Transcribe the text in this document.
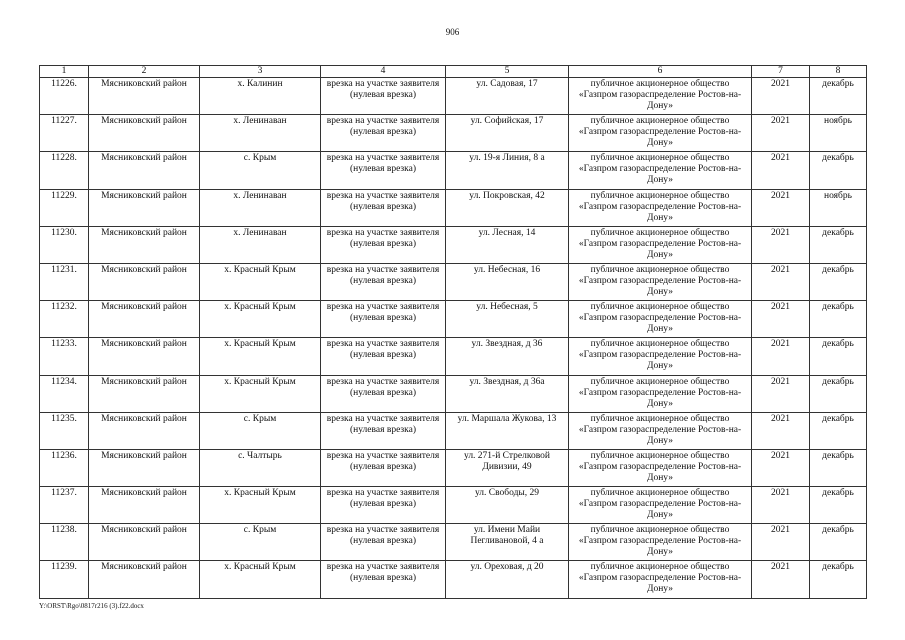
906
1	2	3	4	5	6	7	8
11226.	Мясниковский район	х. Калинин	врезка на участке заявителя (нулевая врезка)	ул. Садовая, 17	публичное акционерное общество «Газпром газораспределение Ростов-на-Дону»	2021	декабрь
11227.	Мясниковский район	х. Ленинаван	врезка на участке заявителя (нулевая врезка)	ул. Софийская, 17	публичное акционерное общество «Газпром газораспределение Ростов-на-Дону»	2021	ноябрь
11228.	Мясниковский район	с. Крым	врезка на участке заявителя (нулевая врезка)	ул. 19-я Линия, 8 а	публичное акционерное общество «Газпром газораспределение Ростов-на-Дону»	2021	декабрь
11229.	Мясниковский район	х. Ленинаван	врезка на участке заявителя (нулевая врезка)	ул. Покровская, 42	публичное акционерное общество «Газпром газораспределение Ростов-на-Дону»	2021	ноябрь
11230.	Мясниковский район	х. Ленинаван	врезка на участке заявителя (нулевая врезка)	ул. Лесная, 14	публичное акционерное общество «Газпром газораспределение Ростов-на-Дону»	2021	декабрь
11231.	Мясниковский район	х. Красный Крым	врезка на участке заявителя (нулевая врезка)	ул. Небесная, 16	публичное акционерное общество «Газпром газораспределение Ростов-на-Дону»	2021	декабрь
11232.	Мясниковский район	х. Красный Крым	врезка на участке заявителя (нулевая врезка)	ул. Небесная, 5	публичное акционерное общество «Газпром газораспределение Ростов-на-Дону»	2021	декабрь
11233.	Мясниковский район	х. Красный Крым	врезка на участке заявителя (нулевая врезка)	ул. Звездная, д 36	публичное акционерное общество «Газпром газораспределение Ростов-на-Дону»	2021	декабрь
11234.	Мясниковский район	х. Красный Крым	врезка на участке заявителя (нулевая врезка)	ул. Звездная, д 36а	публичное акционерное общество «Газпром газораспределение Ростов-на-Дону»	2021	декабрь
11235.	Мясниковский район	с. Крым	врезка на участке заявителя (нулевая врезка)	ул. Маршала Жукова, 13	публичное акционерное общество «Газпром газораспределение Ростов-на-Дону»	2021	декабрь
11236.	Мясниковский район	с. Чалтырь	врезка на участке заявителя (нулевая врезка)	ул. 271-й Стрелковой Дивизии, 49	публичное акционерное общество «Газпром газораспределение Ростов-на-Дону»	2021	декабрь
11237.	Мясниковский район	х. Красный Крым	врезка на участке заявителя (нулевая врезка)	ул. Свободы, 29	публичное акционерное общество «Газпром газораспределение Ростов-на-Дону»	2021	декабрь
11238.	Мясниковский район	с. Крым	врезка на участке заявителя (нулевая врезка)	ул. Имени Майи Пегливановой, 4 а	публичное акционерное общество «Газпром газораспределение Ростов-на-Дону»	2021	декабрь
11239.	Мясниковский район	х. Красный Крым	врезка на участке заявителя (нулевая врезка)	ул. Ореховая, д 20	публичное акционерное общество «Газпром газораспределение Ростов-на-Дону»	2021	декабрь
Y:\ORST\Rgo\0817r216 (3).f22.docx
